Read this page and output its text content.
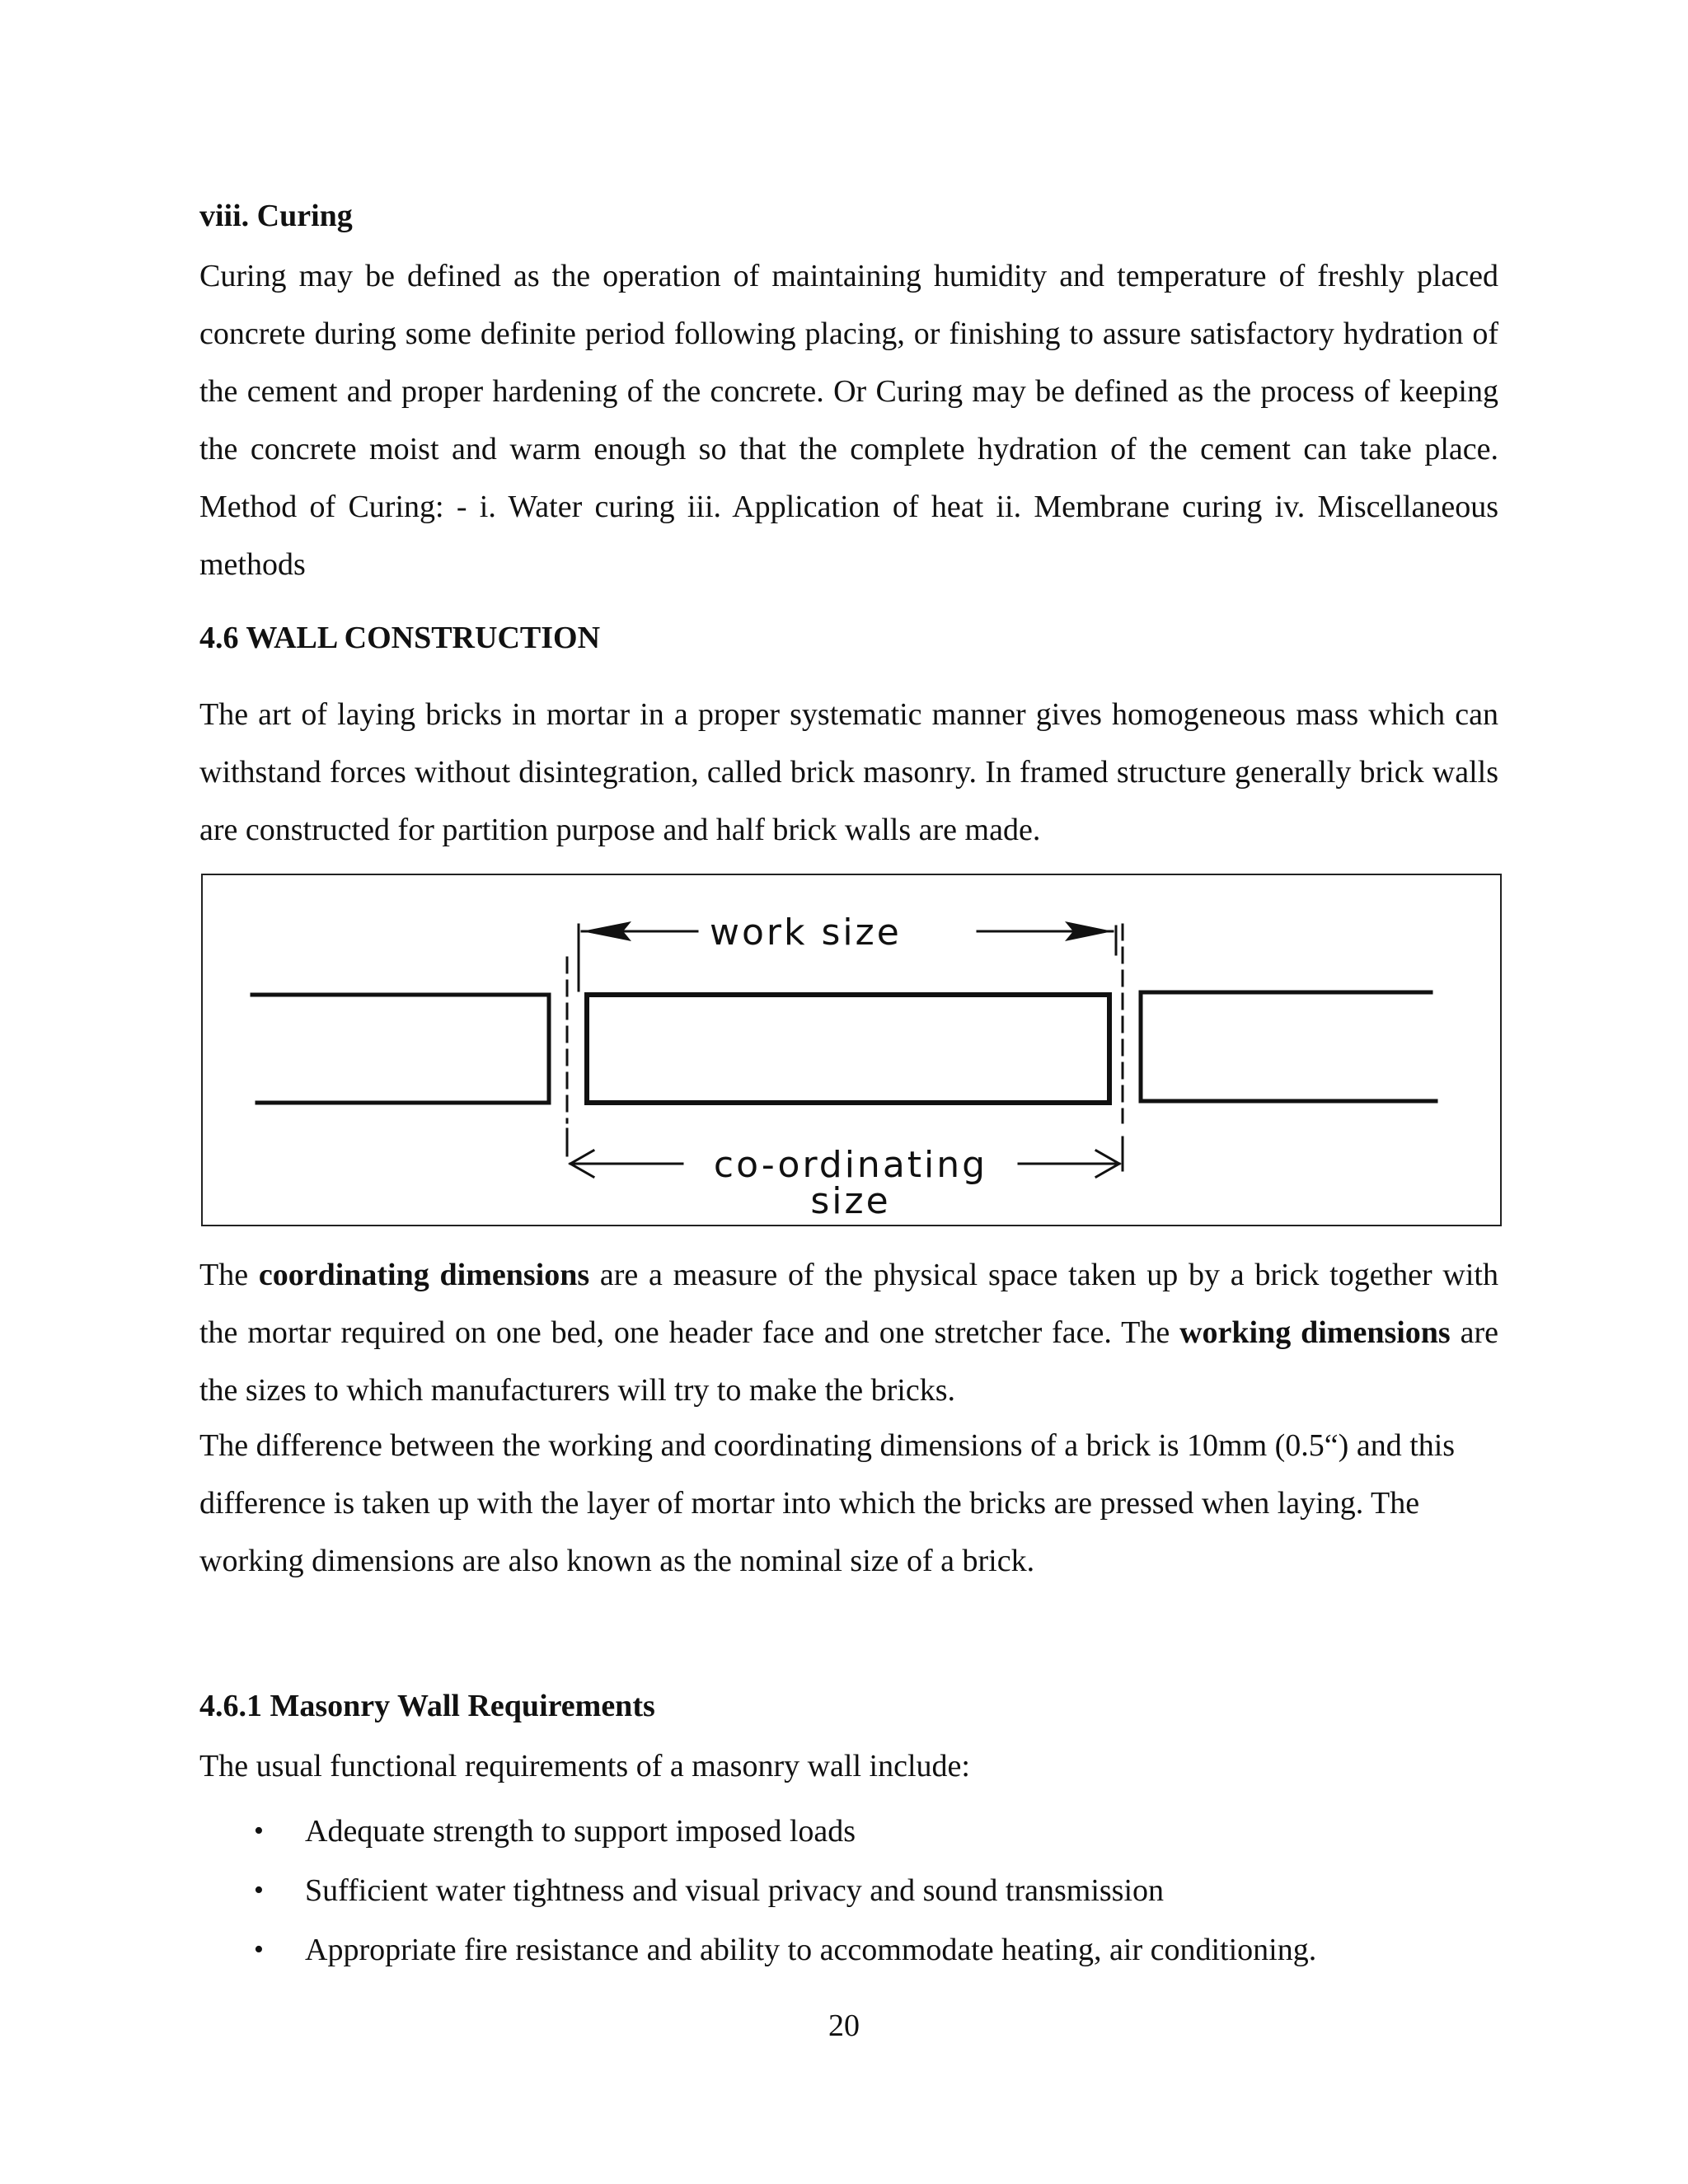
viii. Curing

Curing may be defined as the operation of maintaining humidity and temperature of freshly placed concrete during some definite period following placing, or finishing to assure satisfactory hydration of the cement and proper hardening of the concrete. Or Curing may be defined as the process of keeping the concrete moist and warm enough so that the complete hydration of the cement can take place. Method of Curing: - i. Water curing iii. Application of heat ii. Membrane curing iv. Miscellaneous methods

4.6 WALL CONSTRUCTION

The art of laying bricks in mortar in a proper systematic manner gives homogeneous mass which can withstand forces without disintegration, called brick masonry. In framed structure generally brick walls are constructed for partition purpose and half brick walls are made.

work size
co-ordinating
size

The coordinating dimensions are a measure of the physical space taken up by a brick together with the mortar required on one bed, one header face and one stretcher face. The working dimensions are the sizes to which manufacturers will try to make the bricks.

The difference between the working and coordinating dimensions of a brick is 10mm (0.5“) and this difference is taken up with the layer of mortar into which the bricks are pressed when laying. The working dimensions are also known as the nominal size of a brick.

4.6.1 Masonry Wall Requirements

The usual functional requirements of a masonry wall include:

• Adequate strength to support imposed loads
• Sufficient water tightness and visual privacy and sound transmission
• Appropriate fire resistance and ability to accommodate heating, air conditioning.
20
